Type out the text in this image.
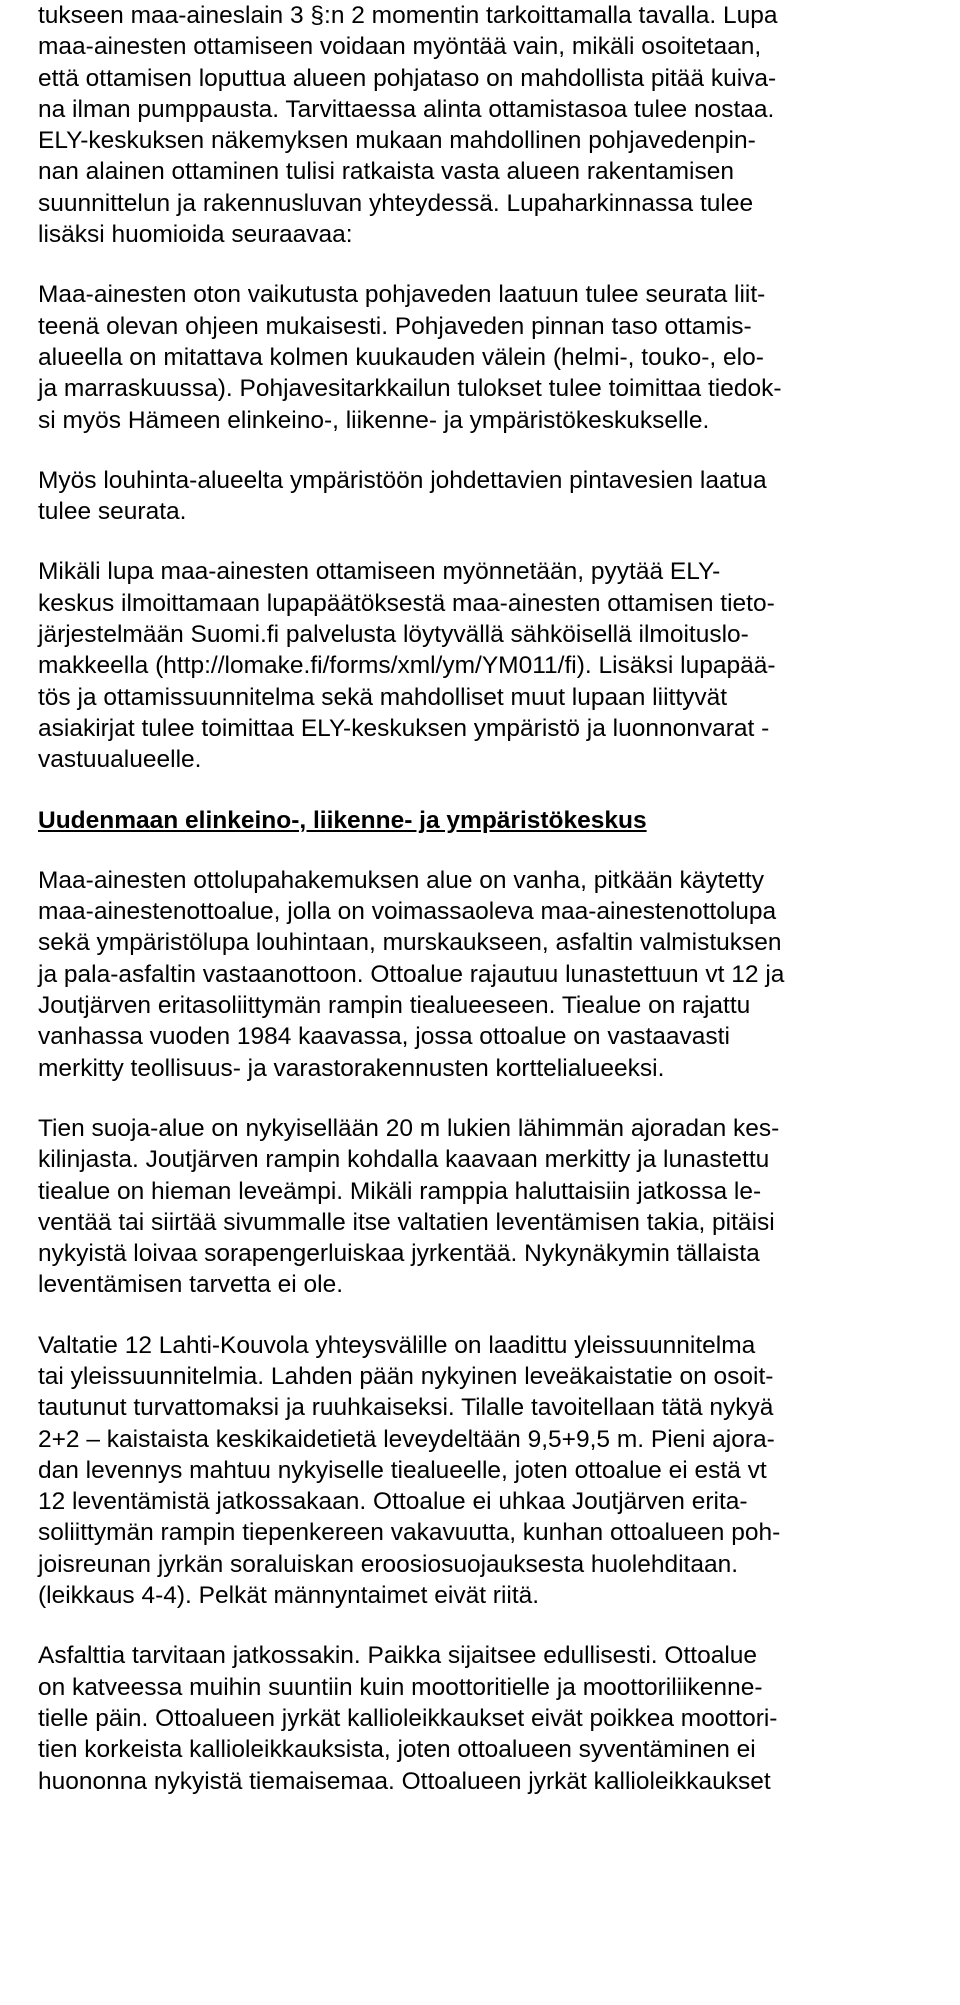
tukseen maa-aineslain 3 §:n 2 momentin tarkoittamalla tavalla. Lupa
maa-ainesten ottamiseen voidaan myöntää vain, mikäli osoitetaan,
että ottamisen loputtua alueen pohjataso on mahdollista pitää kuiva-
na ilman pumppausta. Tarvittaessa alinta ottamistasoa tulee nostaa.
ELY-keskuksen näkemyksen mukaan mahdollinen pohjavedenpin-
nan alainen ottaminen tulisi ratkaista vasta alueen rakentamisen
suunnittelun ja rakennusluvan yhteydessä. Lupaharkinnassa tulee
lisäksi huomioida seuraavaa:
Maa-ainesten oton vaikutusta pohjaveden laatuun tulee seurata liit-
teenä olevan ohjeen mukaisesti. Pohjaveden pinnan taso ottamis-
alueella on mitattava kolmen kuukauden välein (helmi-, touko-, elo-
ja marraskuussa). Pohjavesitarkkailun tulokset tulee toimittaa tiedok-
si myös Hämeen elinkeino-, liikenne- ja ympäristökeskukselle.
Myös louhinta-alueelta ympäristöön johdettavien pintavesien laatua
tulee seurata.
Mikäli lupa maa-ainesten ottamiseen myönnetään, pyytää ELY-
keskus ilmoittamaan lupapäätöksestä maa-ainesten ottamisen tieto-
järjestelmään Suomi.fi palvelusta löytyvällä sähköisellä ilmoituslo-
makkeella (http://lomake.fi/forms/xml/ym/YM011/fi). Lisäksi lupapää-
tös ja ottamissuunnitelma sekä mahdolliset muut lupaan liittyvät
asiakirjat tulee toimittaa ELY-keskuksen ympäristö ja luonnonvarat -
vastuualueelle.
Uudenmaan elinkeino-, liikenne- ja ympäristökeskus
Maa-ainesten ottolupahakemuksen alue on vanha, pitkään käytetty
maa-ainestenottoalue, jolla on voimassaoleva maa-ainestenottolupa
sekä ympäristölupa louhintaan, murskaukseen, asfaltin valmistuksen
ja pala-asfaltin vastaanottoon. Ottoalue rajautuu lunastettuun vt 12 ja
Joutjärven eritasoliittymän rampin tiealueeseen. Tiealue on rajattu
vanhassa vuoden 1984 kaavassa, jossa ottoalue on vastaavasti
merkitty teollisuus- ja varastorakennusten korttelialueeksi.
Tien suoja-alue on nykyisellään 20 m lukien lähimmän ajoradan kes-
kilinjasta. Joutjärven rampin kohdalla kaavaan merkitty ja lunastettu
tiealue on hieman leveämpi. Mikäli ramppia haluttaisiin jatkossa le-
ventää tai siirtää sivummalle itse valtatien leventämisen takia, pitäisi
nykyistä loivaa sorapengerluiskaa jyrkentää. Nykynäkymin tällaista
leventämisen tarvetta ei ole.
Valtatie 12 Lahti-Kouvola yhteysvälille on laadittu yleissuunnitelma
tai yleissuunnitelmia. Lahden pään nykyinen leveäkaistatie on osoit-
tautunut turvattomaksi ja ruuhkaiseksi. Tilalle tavoitellaan tätä nykyä
2+2 – kaistaista keskikaidetietä leveydeltään 9,5+9,5 m. Pieni ajora-
dan levennys mahtuu nykyiselle tiealueelle, joten ottoalue ei estä vt
12 leventämistä jatkossakaan. Ottoalue ei uhkaa Joutjärven erita-
soliittymän rampin tiepenkereen vakavuutta, kunhan ottoalueen poh-
joisreunan jyrkän soraluiskan eroosiosuojauksesta huolehditaan.
(leikkaus 4-4). Pelkät männyntaimet eivät riitä.
Asfalttia tarvitaan jatkossakin. Paikka sijaitsee edullisesti. Ottoalue
on katveessa muihin suuntiin kuin moottoritielle ja moottoriliikenne-
tielle päin. Ottoalueen jyrkät kallioleikkaukset eivät poikkea moottori-
tien korkeista kallioleikkauksista, joten ottoalueen syventäminen ei
huononna nykyistä tiemaisemaa. Ottoalueen jyrkät kallioleikkaukset
